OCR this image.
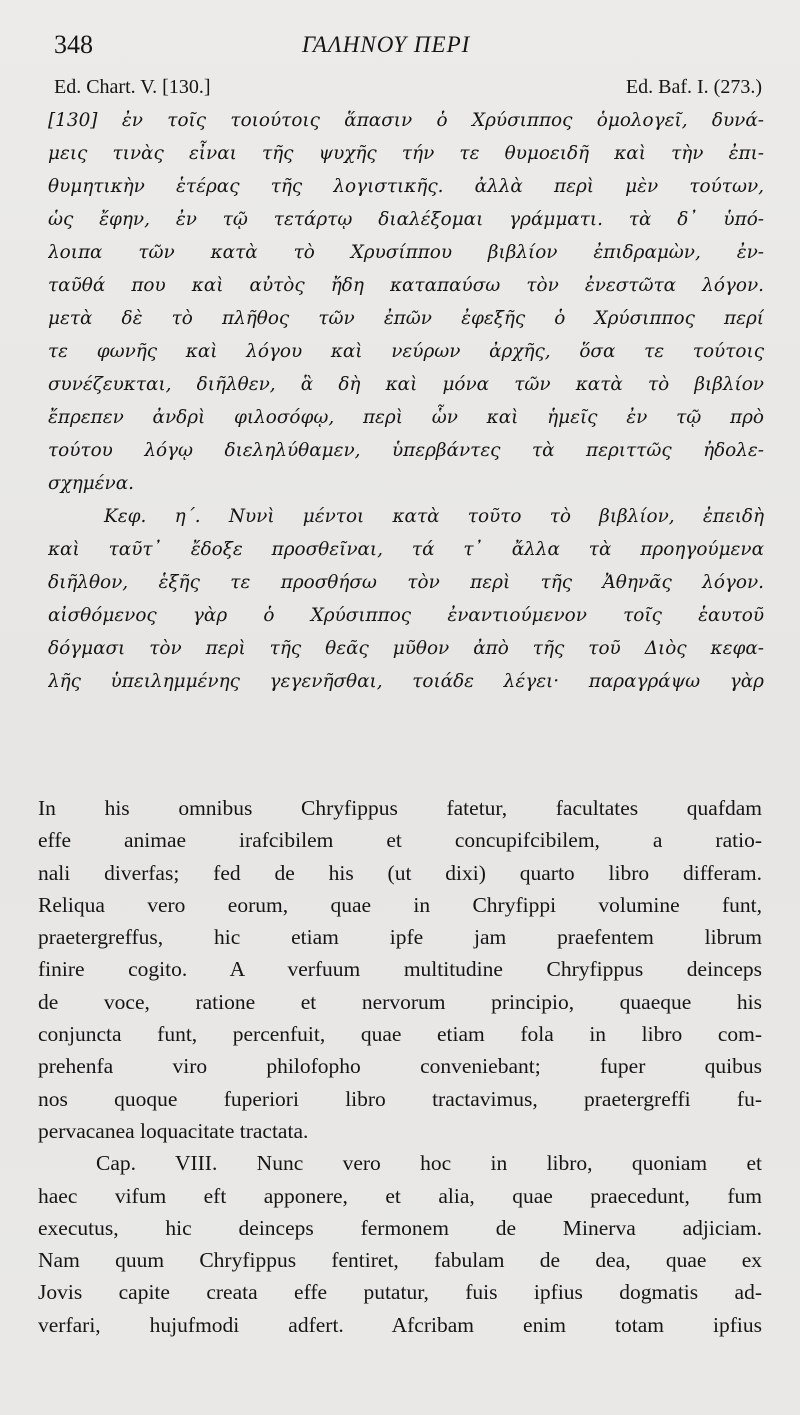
348	ΓΑΛΗΝΟΥ ΠΕΡΙ
Ed. Chart. V. [130.]	Ed. Baf. I. (273.)
[130] ἐν τοῖς τοιούτοις ἅπασιν ὁ Χρύσιππος ὁμολογεῖ, δυνά-
μεις τινὰς εἶναι τῆς ψυχῆς τήν τε θυμοειδῆ καὶ τὴν ἐπι-
θυμητικὴν ἑτέρας τῆς λογιστικῆς. ἀλλὰ περὶ μὲν τούτων,
ὡς ἔφην, ἐν τῷ τετάρτῳ διαλέξομαι γράμματι. τὰ δ᾿ ὑπό-
λοιπα τῶν κατὰ τὸ Χρυσίππου βιβλίον ἐπιδραμὼν, ἐν-
ταῦθά που καὶ αὐτὸς ἤδη καταπαύσω τὸν ἐνεστῶτα λόγον.
μετὰ δὲ τὸ πλῆθος τῶν ἐπῶν ἐφεξῆς ὁ Χρύσιππος περί
τε φωνῆς καὶ λόγου καὶ νεύρων ἀρχῆς, ὅσα τε τούτοις
συνέζευκται, διῆλθεν, ἃ δὴ καὶ μόνα τῶν κατὰ τὸ βιβλίον
ἔπρεπεν ἀνδρὶ φιλοσόφῳ, περὶ ὧν καὶ ἡμεῖς ἐν τῷ πρὸ
τούτου λόγῳ διεληλύθαμεν, ὑπερβάντες τὰ περιττῶς ἠδολε-
σχημένα.
Κεφ. η΄. Νυνὶ μέντοι κατὰ τοῦτο τὸ βιβλίον, ἐπειδὴ
καὶ ταῦτ᾿ ἔδοξε προσθεῖναι, τά τ᾿ ἄλλα τὰ προηγούμενα
διῆλθον, ἑξῆς τε προσθήσω τὸν περὶ τῆς Ἀθηνᾶς λόγον.
αἰσθόμενος γὰρ ὁ Χρύσιππος ἐναντιούμενον τοῖς ἑαυτοῦ
δόγμασι τὸν περὶ τῆς θεᾶς μῦθον ἀπὸ τῆς τοῦ Διὸς κεφα-
λῆς ὑπειλημμένης γεγενῆσθαι, τοιάδε λέγει· παραγράψω γὰρ
In his omnibus Chryfippus fatetur, facultates quafdam
effe animae irafcibilem et concupifcibilem, a ratio-
nali diverfas; fed de his (ut dixi) quarto libro differam.
Reliqua vero eorum, quae in Chryfippi volumine funt,
praetergreffus, hic etiam ipfe jam praefentem librum
finire cogito. A verfuum multitudine Chryfippus deinceps
de voce, ratione et nervorum principio, quaeque his
conjuncta funt, percenfuit, quae etiam fola in libro com-
prehenfa viro philofopho conveniebant; fuper quibus
nos quoque fuperiori libro tractavimus, praetergreffi fu-
pervacanea loquacitate tractata.
Cap. VIII. Nunc vero hoc in libro, quoniam et
haec vifum eft apponere, et alia, quae praecedunt, fum
executus, hic deinceps fermonem de Minerva adjiciam.
Nam quum Chryfippus fentiret, fabulam de dea, quae ex
Jovis capite creata effe putatur, fuis ipfius dogmatis ad-
verfari, hujufmodi adfert. Afcribam enim totam ipfius
